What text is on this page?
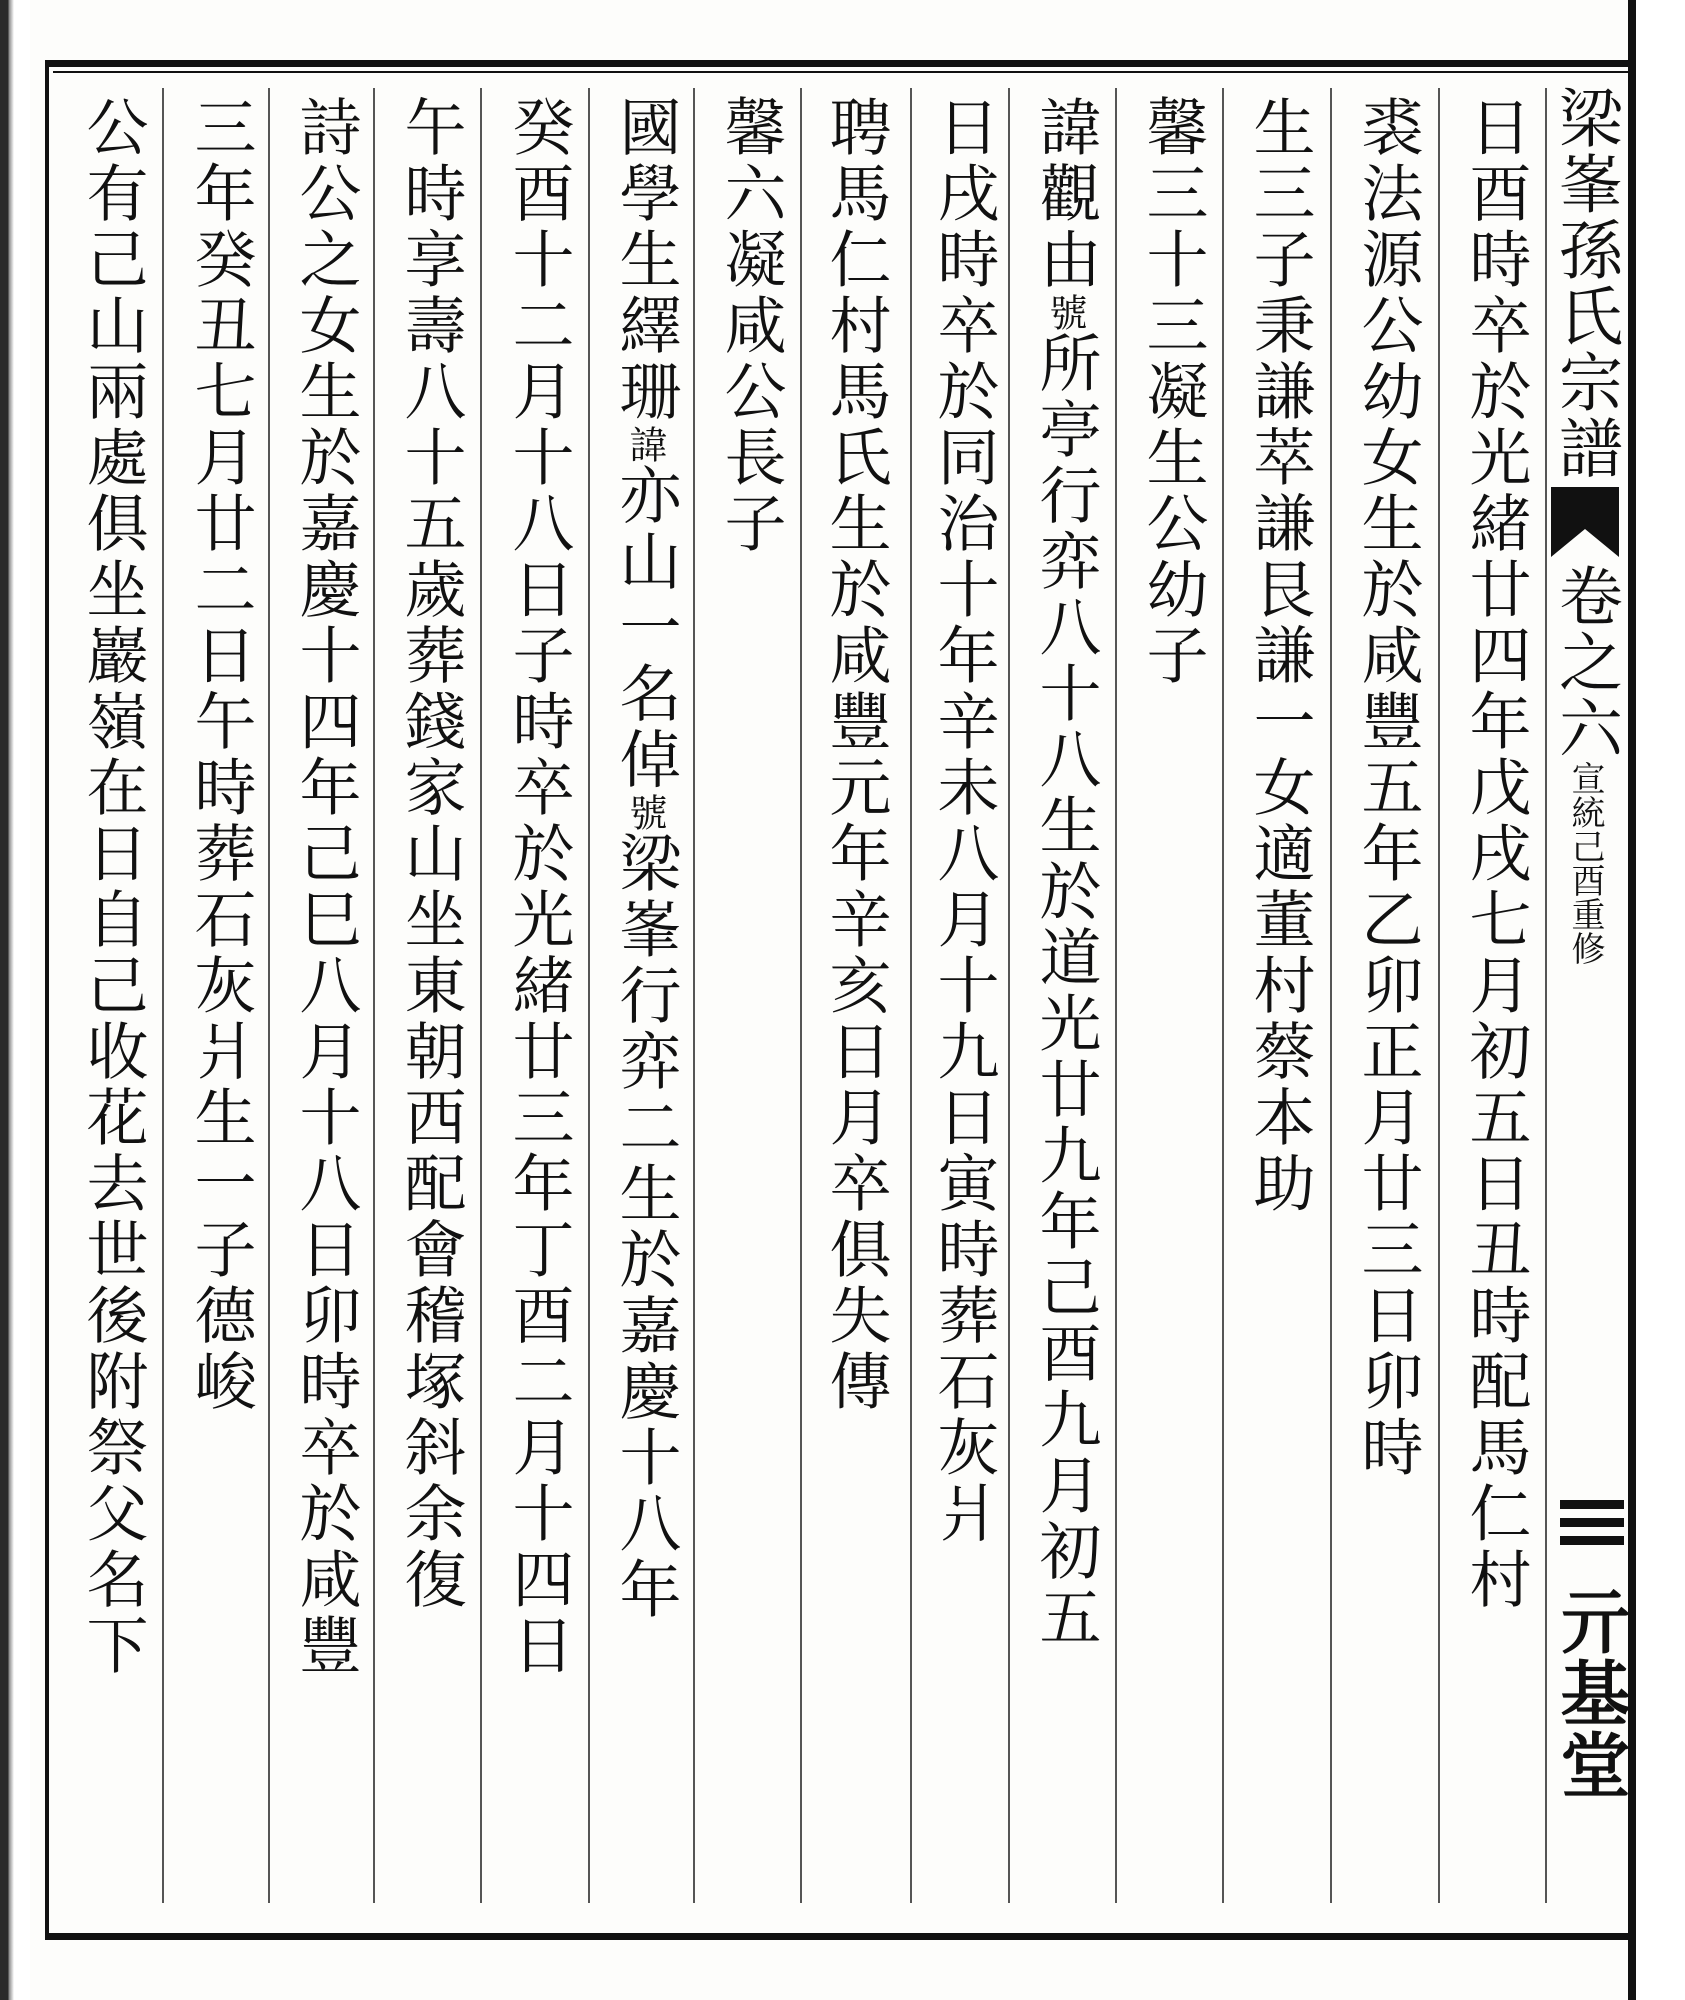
梁峯孫氏宗譜卷之六宣統己酉重修
亓基堂
日酉時卒於光緒廿四年戊戌七月初五日丑時配馬仁村
裘法源公幼女生於咸豐五年乙卯正月廿三日卯時
生三子秉謙萃謙艮謙一女適董村蔡本助
馨三十三凝生公幼子
諱觀由號所亭行弈八十八生於道光廿九年己酉九月初五
日戌時卒於同治十年辛未八月十九日寅時葬石灰爿
聘馬仁村馬氏生於咸豐元年辛亥日月卒俱失傳
馨六凝咸公長子
國學生繹珊諱亦山一名倬號梁峯行弈二生於嘉慶十八年
癸酉十二月十八日子時卒於光緒廿三年丁酉二月十四日
午時享壽八十五歲葬錢家山坐東朝西配會稽塚斜余復
詩公之女生於嘉慶十四年己巳八月十八日卯時卒於咸豐
三年癸丑七月廿二日午時葬石灰爿生一子德峻
公有己山兩處俱坐巖嶺在日自己收花去世後附祭父名下
